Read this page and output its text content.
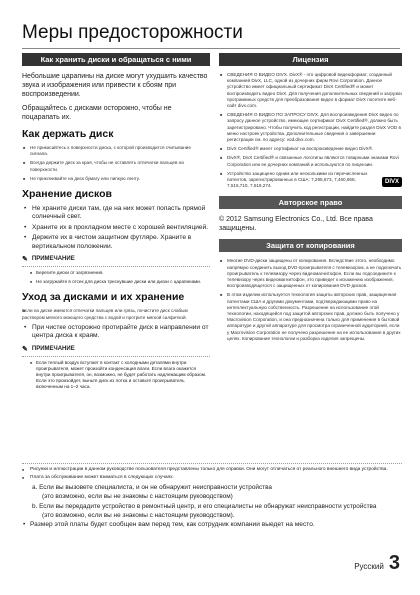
Меры предосторожности
Как хранить диски и обращаться с ними

Небольшие царапины на диске могут ухудшить качество звука и изображения или привести к сбоям при воспроизведении.

Обращайтесь с дисками осторожно, чтобы не поцарапать их.

Как держать диск

■ Не прикасайтесь к поверхности диска, с которой производится считывание сигнала.

■ Всегда держите диск за края, чтобы не оставлять отпечатки пальцев на поверхности.

■ Не приклеивайте на диск бумагу или липкую ленту.

Хранение дисков

• Не храните диски там, где на них может попасть прямой солнечный свет.

• Храните их в прохладном месте с хорошей вентиляцией.

• Держите их в чистом защитном футляре. Храните в вертикальном положении.

✎ ПРИМЕЧАНИЕ

■ Берегите диски от загрязнения.

■ Не загружайте в отсек для диска треснувшие диски или диски с царапинами.

Уход за дисками и их хранение

■ Если на диске имеются отпечатки пальцев или грязь, почистите диск слабым раствором мягкого моющего средства с водой и протрите мягкой салфеткой.

• При чистке осторожно протирайте диск в направлении от центра диска к краям.

✎ ПРИМЕЧАНИЕ

■ Если теплый воздух вступает в контакт с холодными деталями внутри проигрывателя, может произойти конденсация влаги. Если влага окажется внутри проигрывателя, он, возможно, не будет работать надлежащим образом. Если это произойдет, выньте диск из лотка и оставьте проигрыватель включенным на 1–2 часа.

Лицензия

■ СВЕДЕНИЯ О ВИДЕО DIVX. DivX® - это цифровой видеоформат, созданный компанией DivX, LLC, одной из дочерних фирм Rovi Corporation. Данное устройство имеет официальный сертификат DivX Certified® и может воспроизводить видео DivX. Для получения дополнительных сведений и загрузки программных средств для преобразования видео в формат DivX посетите веб-сайт divx.com.

■ СВЕДЕНИЯ О ВИДЕО ПО ЗАПРОСУ DIVX. Для воспроизведения DivX видео по запросу данное устройство, имеющее сертификат DivX Certified®, должно быть зарегистрировано. Чтобы получить код регистрации, найдите раздел DivX VOD в меню настроек устройства. Дополнительные сведения о завершении регистрации см. по адресу: vod.divx.com.

■ DivX Certified® имеет сертификат на воспроизведение видео DivX®.

■ DivX®, DivX Certified® и связанные логотипы являются товарными знаками Rovi Corporation или ее дочерних компаний и используются по лицензии.

■ Устройство защищено одним или несколькими из перечисленных патентов, зарегистрированных в США: 7,295,673, 7,460,668, 7,515,710, 7,519,274.

DIVX
Авторское право

© 2012 Samsung Electronics Co., Ltd. Все права защищены.

Защита от копирования

■ Многие DVD-диски защищены от копирования. Вследствие этого, необходимо напрямую соединить выход DVD-проигрывателя с телевизором, а не подключать проигрыватель к телевизору через видеомагнитофон. Если вы подсоедините к телевизору через видеомагнитофон, это приведет к искажению изображения, воспроизводящегося с защищенных от копирования DVD-дисков.

■ В этом изделии используется технология защиты авторских прав, защищенная патентами США и другими документами, подтверждающими право на интеллектуальную собственность. Разрешение на использование этой технологии, находящейся под защитой авторских прав, должно быть получено у Macrovision Corporation, и она предназначена только для применения в бытовой аппаратуре и другой аппаратуре для просмотра ограниченной аудиторией, если у Macrovision Corporation не получено разрешение на ее использование в других целях. Копирование технологии и разборка изделия запрещены.

■ Рисунки и иллюстрации в данном руководстве пользователя представлены только для справки. Они могут отличаться от реального внешнего вида устройства.

■ Плата за обслуживание может взиматься в следующих случаях.

a. Если вы вызовете специалиста, и он не обнаружит неисправности устройства

(это возможно, если вы не знакомы с настоящим руководством)

b. Если вы передадите устройство в ремонтный центр, и его специалисты не обнаружат неисправности устройства

(это возможно, если вы не знакомы с настоящим руководством).

• Размер этой платы будет сообщен вам перед тем, как сотрудник компании выедет на место.

Русский 3
